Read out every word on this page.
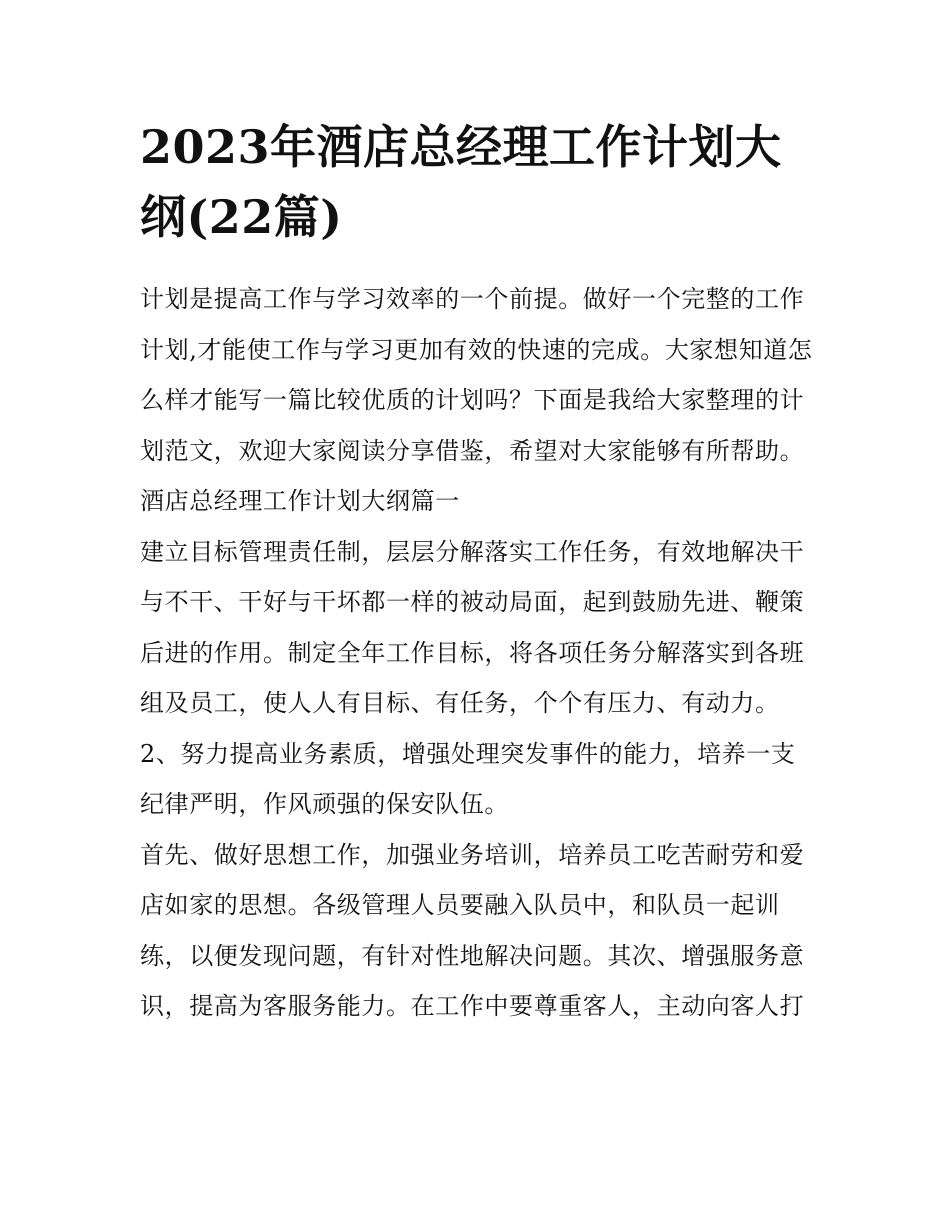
2023年酒店总经理工作计划大纲(22篇)

计划是提高工作与学习效率的一个前提。做好一个完整的工作计划,才能使工作与学习更加有效的快速的完成。大家想知道怎么样才能写一篇比较优质的计划吗？下面是我给大家整理的计划范文，欢迎大家阅读分享借鉴，希望对大家能够有所帮助。

酒店总经理工作计划大纲篇一

建立目标管理责任制，层层分解落实工作任务，有效地解决干与不干、干好与干坏都一样的被动局面，起到鼓励先进、鞭策后进的作用。制定全年工作目标，将各项任务分解落实到各班组及员工，使人人有目标、有任务，个个有压力、有动力。

2、努力提高业务素质，增强处理突发事件的能力，培养一支纪律严明，作风顽强的保安队伍。

首先、做好思想工作，加强业务培训，培养员工吃苦耐劳和爱店如家的思想。各级管理人员要融入队员中，和队员一起训练，以便发现问题，有针对性地解决问题。其次、增强服务意识，提高为客服务能力。在工作中要尊重客人，主动向客人打
